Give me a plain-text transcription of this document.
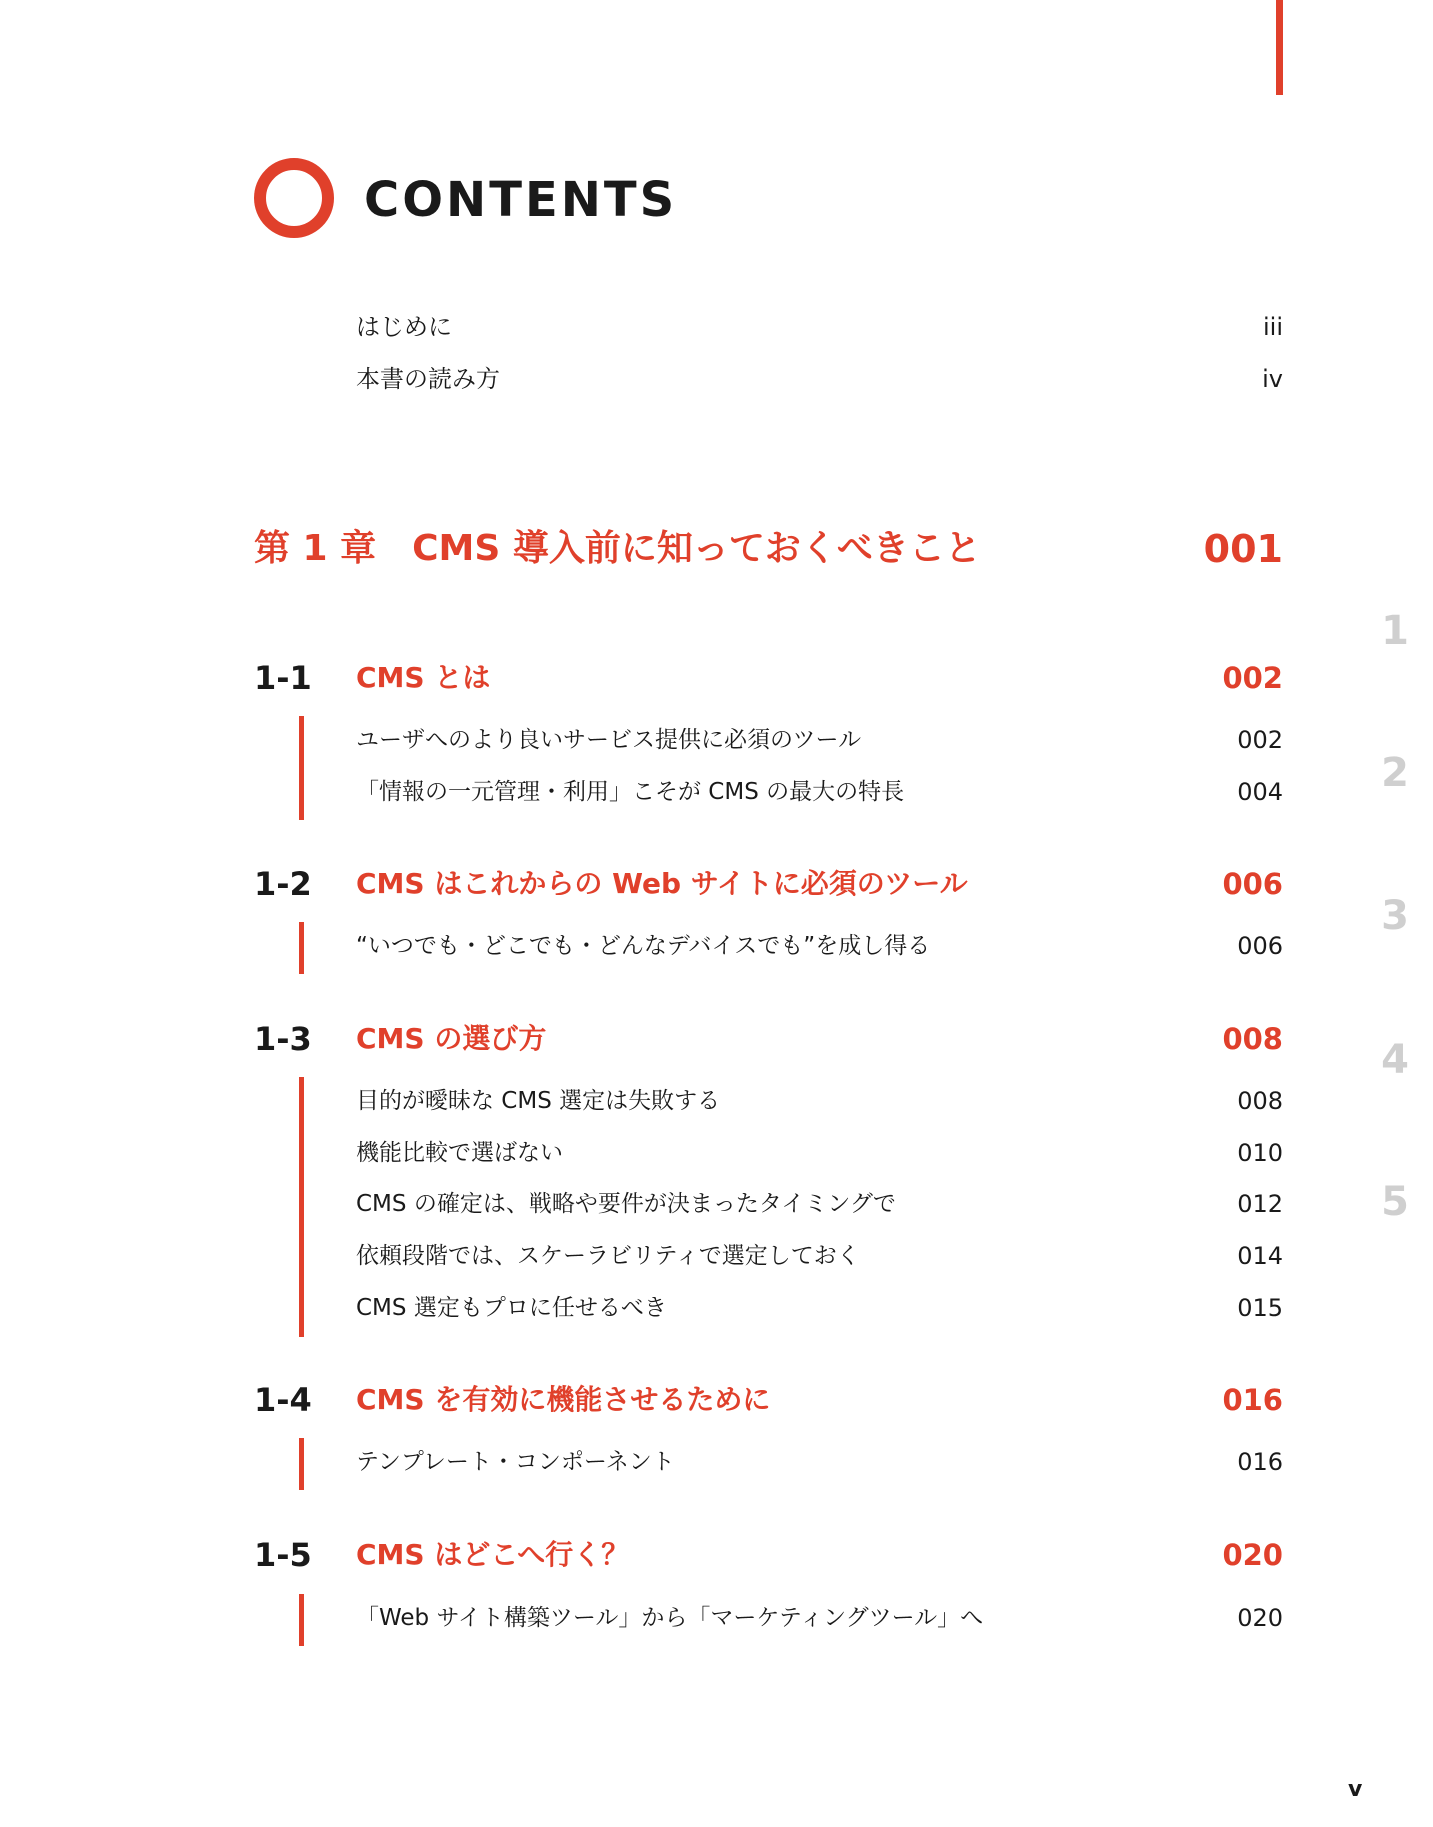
CONTENTS
はじめに	iii
本書の読み方	iv
第 1 章　CMS 導入前に知っておくべきこと	001
1-1 CMS とは	002
ユーザへのより良いサービス提供に必須のツール	002
「情報の一元管理・利用」こそが CMS の最大の特長	004
1-2 CMS はこれからの Web サイトに必須のツール	006
“いつでも・どこでも・どんなデバイスでも”を成し得る	006
1-3 CMS の選び方	008
目的が曖昧な CMS 選定は失敗する	008
機能比較で選ばない	010
CMS の確定は、戦略や要件が決まったタイミングで	012
依頼段階では、スケーラビリティで選定しておく	014
CMS 選定もプロに任せるべき	015
1-4 CMS を有効に機能させるために	016
テンプレート・コンポーネント	016
1-5 CMS はどこへ行く？	020
「Web サイト構築ツール」から「マーケティングツール」へ	020
1
2
3
4
5
v
